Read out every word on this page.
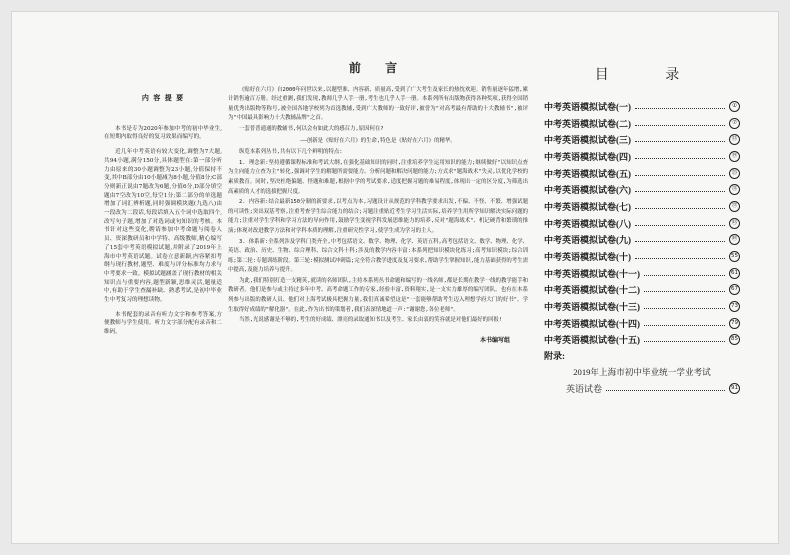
内 容 提 要

本书是专为2020年参加中考的初中毕业生,在短期内取得良好的复习效果而编写的。

近几年中考英语有较大变化,调整为7大题,共94小题,满分150分,具体题型在:第一部分听力由原来的30小题调整为23小题,分值保持不变,其中B部分由10小题减为8小题,分值8分;C部分则新正说由7题改为6题,分值6分,D部分填空题由7空改为10空,每空1分;第二部分的单选题增加了词汇辨析题,同时强调模块题(九选八)由一段改为二段话,每段话填入五个词中选取四个,改写句子题,增加了对选词或句知识的考核。本书针对这些变化,聘请参加中考命题与阅卷人员、资深教研员和中学特、高级教师,精心编写了15套中考英语模拟试题,并附录了2019年上海市中考英语试题。试卷立意新颖,内容紧扣考纲与现行教材,题型、难度与评分标准均力求与中考要求一致。模拟试题涵盖了现行教材的相关知识点与重要内容,题型新颖,思维灵活,题量适中,有助于学生查漏补缺、熟悉考试,是初中毕业生中考复习的理想读物。

本书配套的录音有听力文字和参考答案,方便教师与学生使用。听力文字部分配有录音和二维码。

前 言

《贴好在六月》自2000年问世以来,以题型准、内容新、质量高,受到了广大考生及家长的热忱欢迎。销售量逐年猛增,累计销售逾百万册。经过重测,我们发现,教师几乎人手一册,考生也几乎人手一册。本系列所有出版物获得各种奖项,获得全国销量优秀出版物等称号,被全国各地学校列为首选教辅,受到广大教师的一致好评,被誉为"对高考最有帮助的十大教辅书",被评为"中国最具影响力十大教辅品牌"之首。

一套普普通通的教辅书,何以会有如此大的感召力,原因何在?

——创新是《贴好在六月》的生命,特色是《贴好在六月》的精华。

纵览本系列丛书,共有以下几个鲜明的特点:

1. 理念新:坚持遵循课程标准和考试大纲,在强化基础知识的同时,注重培养学生运用知识的能力;继续做好"以知识点查为主向能力立查为主"转化,强调对学生的解题所需要能力、分析问题和解决问题的能力;方式求"题海战术"失灵,以优化学校的素质教育。同时,坚决杜绝偏题、怪题和难题,根据中学的考试要求,适度把握习题的难易程度,体现出一定的区分度,为筛选出高素质的人才的选拔把握尺度。

2. 内容新:结合最新150分制的新要求,以考点为本,习题设计从规范的学科教学要求出发,不偏、不怪、不繁、增强试题的可读性;突出双基考察,注重考查学生综合能力的结合;习题注重贴近考生学习生活实际,培养学生用所学知识解决实际问题的能力;注重对学生学科和学习方法的导向作用,鼓励学生变视学科发展思维能力的培养,反对"题海战术"、机记硬背和繁琐的推演;体现对改进教学方法和对学科本质的理解,注重研究性学习,使学生成为学习的主人。

3. 体系新:全系列涉及学科门类齐全,中考包括语文、数学、物理、化学、英语五科,高考包括语文、数学、物理、化学、英语、政治、历史、生物、综合理科、综合文科十科;涉及的教学内容丰富:本系列把知识模块化练习;高考知识模块;综合训练;第二轮:专题训练阶段。第三轮:模拟测试冲刺篇;完全符合教学进度及复习要求,帮助学生掌握知识,能力基础获得的考生需中提高,及能力培养与提升。

为此,我们特别打造一支精英,就读的名师团队,主持本系列丛书命题和编写的一线名师,都是长期在教学一线的教学能手和教研者。他们是参与或主持过多年中考、高考命题工作的专家,经验丰富,资料翔实,是一支实力雄厚的编写团队。也有在本系列参与出版的教研人员、他们对上海考试极具把握力量,我们真诚希望这是"一套能够帮助考生迈入理想学府大门的好书"。学生取得好成绩的"解化器"。在此,作为出书的策划者,我们表深情地道一声:"谢谢您,各位老师"。

当然,光说感谢是不够的,考生的好成绩、漂亮的录取通知书以及考生、家长由衷的笑容就是对他们最好的回报!

本书编写组
目 录
中考英语模拟试卷(一)	①
中考英语模拟试卷(二)	⑦
中考英语模拟试卷(三)	⑬
中考英语模拟试卷(四)	⑲
中考英语模拟试卷(五)	㉕
中考英语模拟试卷(六)	㉛
中考英语模拟试卷(七)	㊲
中考英语模拟试卷(八)	㊸
中考英语模拟试卷(九)	㊾
中考英语模拟试卷(十)	55
中考英语模拟试卷(十一)	61
中考英语模拟试卷(十二)	67
中考英语模拟试卷(十三)	73
中考英语模拟试卷(十四)	79
中考英语模拟试卷(十五)	85
附录:
2019年上海市初中毕业统一学业考试
英语试卷	91
